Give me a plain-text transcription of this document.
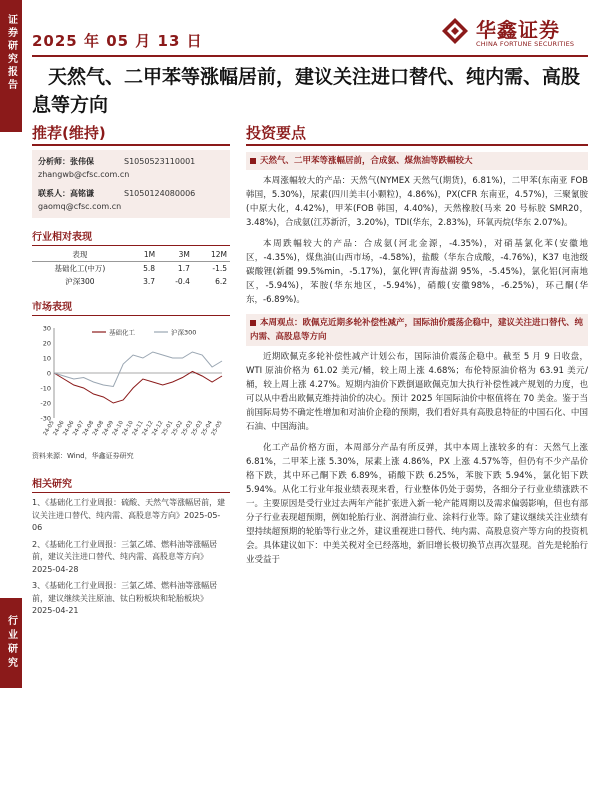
证券研究报告
行业研究
2025 年 05 月 13 日	华鑫证券
CHINA FORTUNE SECURITIES
天然气、二甲苯等涨幅居前，建议关注进口替代、纯内需、高股息等方向
推荐(维持)	投资要点
分析师：张伟保	S1050523110001
zhangwb@cfsc.com.cn
联系人：高铭谦	S1050124080006
gaomq@cfsc.com.cn
行业相对表现
表现	1M	3M	12M
基础化工(中万)	5.8	1.7	-1.5
沪深300	3.7	-0.4	6.2
市场表现
30
20
10
0
-10
-20
-30
24-05
24-06
24-06
24-07
24-08
24-08
24-09
24-10
24-10
24-11
24-12
24-12
25-01
25-02
25-03
25-03
25-04
25-05
基础化工	沪深300
资料来源：Wind，华鑫证券研究
相关研究
1、《基础化工行业周报：硫酸、天然气等涨幅居前，建议关注进口替代、纯内需、高股息等方向》2025-05-06
2、《基础化工行业周报：三氯乙烯、燃料油等涨幅居前，建议关注进口替代、纯内需、高股息等方向》2025-04-28
3、《基础化工行业周报：三氯乙烯、燃料油等涨幅居前，建议继续关注原油、钛白粉板块和轮胎板块》2025-04-21
天然气、二甲苯等涨幅居前，合成氨、煤焦油等跌幅较大
本周涨幅较大的产品：天然气(NYMEX 天然气(期货)，6.81%)，二甲苯(东南亚 FOB 韩国，5.30%)，尿素(四川美丰(小颗粒)，4.86%)，PX(CFR 东南亚，4.57%)，三聚氰胺(中原大化，4.42%)，甲苯(FOB 韩国，4.40%)，天然橡胶(马来 20 号标胶 SMR20，3.48%)，合成氨(江苏新沂，3.20%)，TDI(华东，2.83%)，环氧丙烷(华东 2.07%)。
本周跌幅较大的产品：合成氨(河北金源，-4.35%)，对硝基氯化苯(安徽地区，-4.35%)，煤焦油(山西市场，-4.58%)，盐酸（华东合成酸，-4.76%)，K37 电池级碳酸锂(新疆 99.5%min，-5.17%)，氯化钾(青海盐湖 95%，-5.45%)，氯化铝(河南地区，-5.94%)，苯胺(华东地区，-5.94%)，硝酸(安徽98%，-6.25%)，环己酮(华东，-6.89%)。
本周观点：欧佩克近期多轮补偿性减产，国际油价震荡企稳中，建议关注进口替代、纯内需、高股息等方向
近期欧佩克多轮补偿性减产计划公布，国际油价震荡企稳中。截至 5 月 9 日收盘，WTI 原油价格为 61.02 美元/桶，较上周上涨 4.68%；布伦特原油价格为 63.91 美元/桶，较上周上涨 4.27%。短期内油价下跌倒逼欧佩克加大执行补偿性减产规划的力度，也可以从中看出欧佩克维持油价的决心。预计 2025 年国际油价中枢值将在 70 美金。鉴于当前国际局势不确定性增加和对油价企稳的预期，我们看好具有高股息特征的中国石化、中国石油、中国海油。
化工产品价格方面，本周部分产品有所反弹，其中本周上涨较多的有：天然气上涨 6.81%，二甲苯上涨 5.30%，尿素上涨 4.86%，PX 上涨 4.57%等，但仍有不少产品价格下跌，其中环己酮下跌 6.89%，硝酸下跌 6.25%，苯胺下跌 5.94%，氯化铝下跌 5.94%。从化工行业年报业绩表现来看，行业整体仍处于弱势，各细分子行业业绩涨跌不一。主要原因是受行业过去两年产能扩张进入新一轮产能周期以及需求偏弱影响，但也有部分子行业表现超预期，例如轮胎行业、润滑油行业、涂料行业等。除了建议继续关注业绩有望持续超预期的轮胎等行业之外，建议重视进口替代、纯内需、高股息资产等方向的投资机会。具体建议如下：中美关税对全已经落地，新旧增长极切换节点再次显现。首先是轮胎行业受益于
